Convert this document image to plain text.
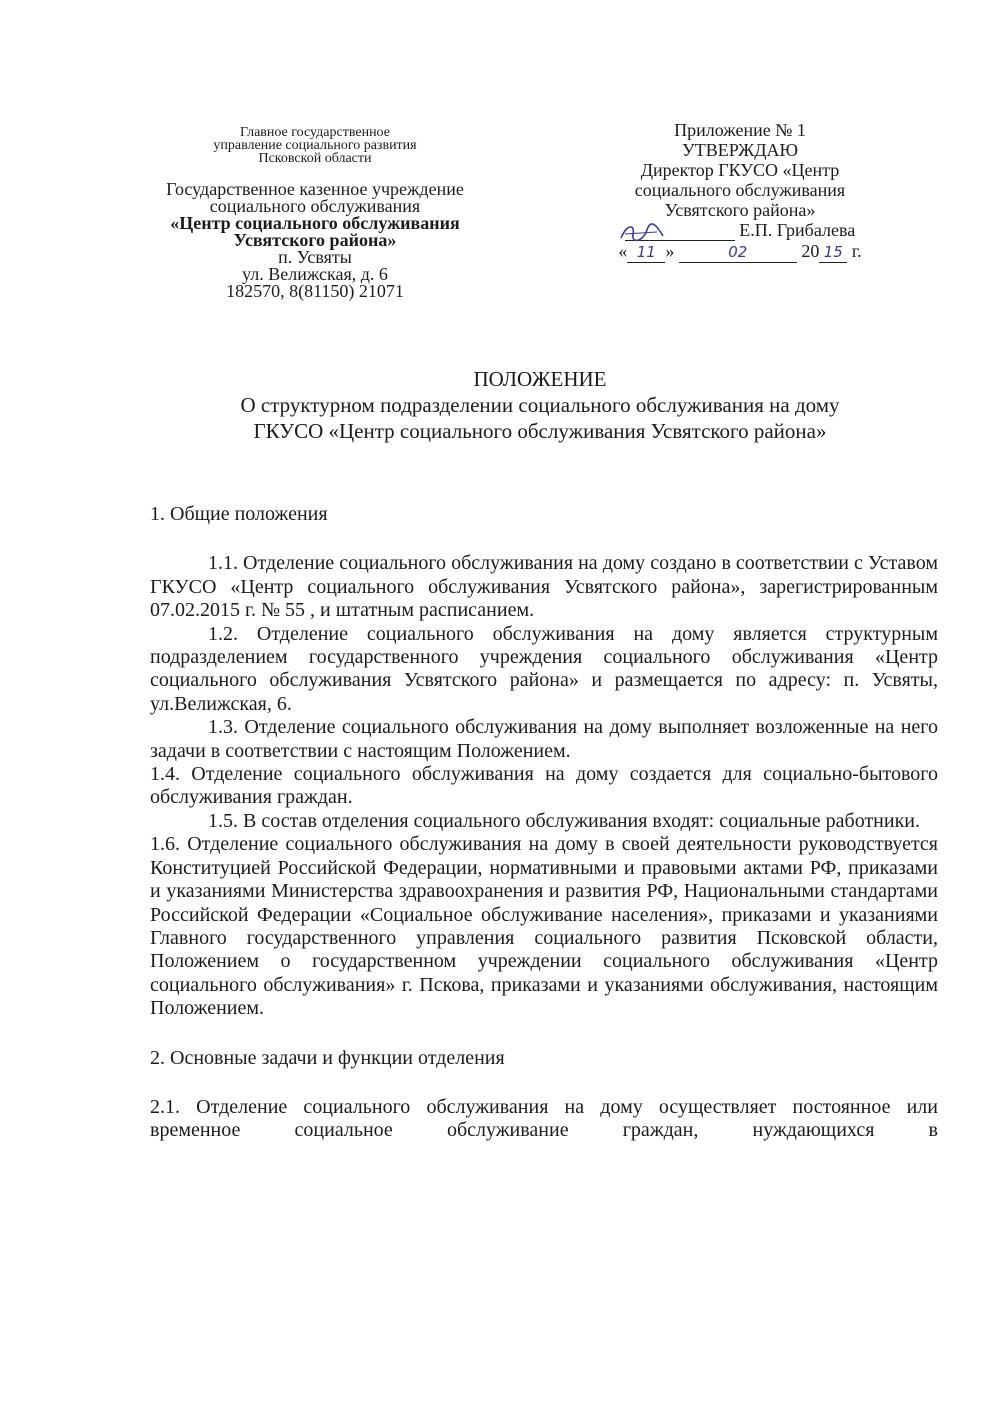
Главное государственное
управление социального развития
Псковской области
Государственное казенное учреждение
социального обслуживания
«Центр социального обслуживания
Усвятского района»
п. Усвяты
ул. Велижская, д. 6
182570, 8(81150) 21071
Приложение № 1
УТВЕРЖДАЮ
Директор ГКУСО «Центр
социального обслуживания
Усвятского района»
Е.П. Грибалева
« 11 »	02	20 15 г.
ПОЛОЖЕНИЕ
О структурном подразделении социального обслуживания на дому
ГКУСО «Центр социального обслуживания Усвятского района»

1. Общие положения

1.1. Отделение социального обслуживания на дому создано в соответствии с Уставом ГКУСО «Центр социального обслуживания Усвятского района», зарегистрированным 07.02.2015 г. № 55 , и штатным расписанием.

1.2. Отделение социального обслуживания на дому является структурным подразделением государственного учреждения социального обслуживания «Центр социального обслуживания Усвятского района» и размещается по адресу: п. Усвяты, ул.Велижская, 6.

1.3. Отделение социального обслуживания на дому выполняет возложенные на него задачи в соответствии с настоящим Положением.

1.4. Отделение социального обслуживания на дому создается для социально-бытового обслуживания граждан.

1.5. В состав отделения социального обслуживания входят: социальные работники.

1.6. Отделение социального обслуживания на дому в своей деятельности руководствуется Конституцией Российской Федерации, нормативными и правовыми актами РФ, приказами и указаниями Министерства здравоохранения и развития РФ, Национальными стандартами Российской Федерации «Социальное обслуживание населения», приказами и указаниями Главного государственного управления социального развития Псковской области, Положением о государственном учреждении социального обслуживания «Центр социального обслуживания» г. Пскова, приказами и указаниями обслуживания, настоящим Положением.

2. Основные задачи и функции отделения

2.1. Отделение социального обслуживания на дому осуществляет постоянное или временное социальное обслуживание граждан, нуждающихся в
